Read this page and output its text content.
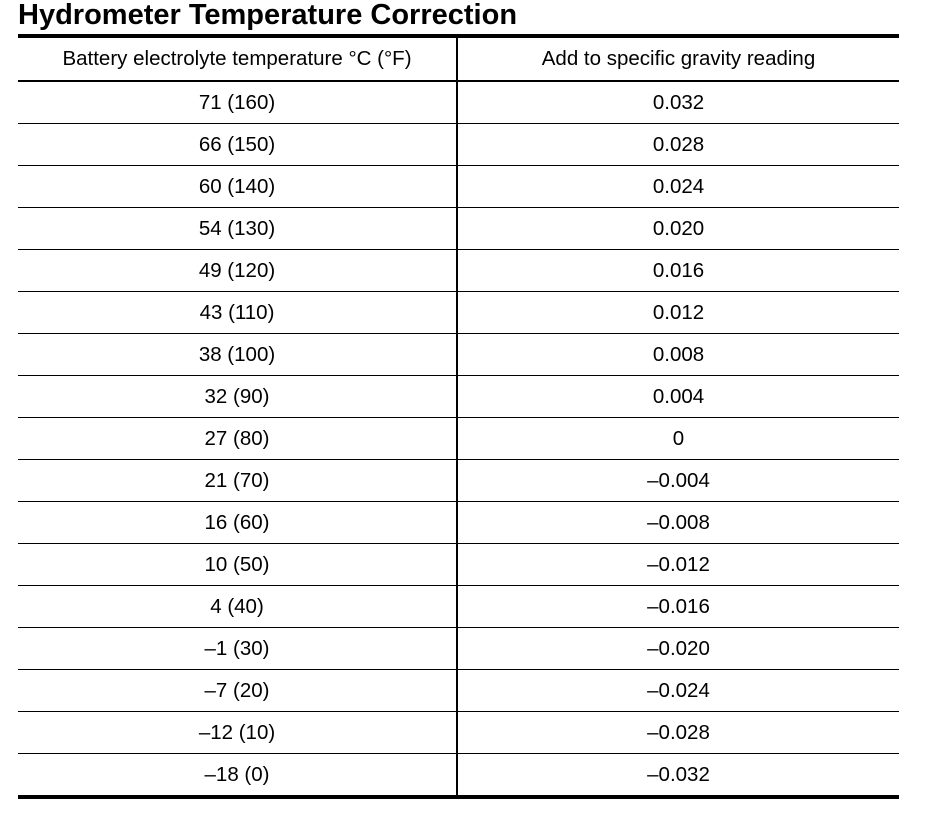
Hydrometer Temperature Correction
Battery electrolyte temperature °C (°F)	Add to specific gravity reading
71 (160)	0.032
66 (150)	0.028
60 (140)	0.024
54 (130)	0.020
49 (120)	0.016
43 (110)	0.012
38 (100)	0.008
32 (90)	0.004
27 (80)	0
21 (70)	–0.004
16 (60)	–0.008
10 (50)	–0.012
4 (40)	–0.016
–1 (30)	–0.020
–7 (20)	–0.024
–12 (10)	–0.028
–18 (0)	–0.032
